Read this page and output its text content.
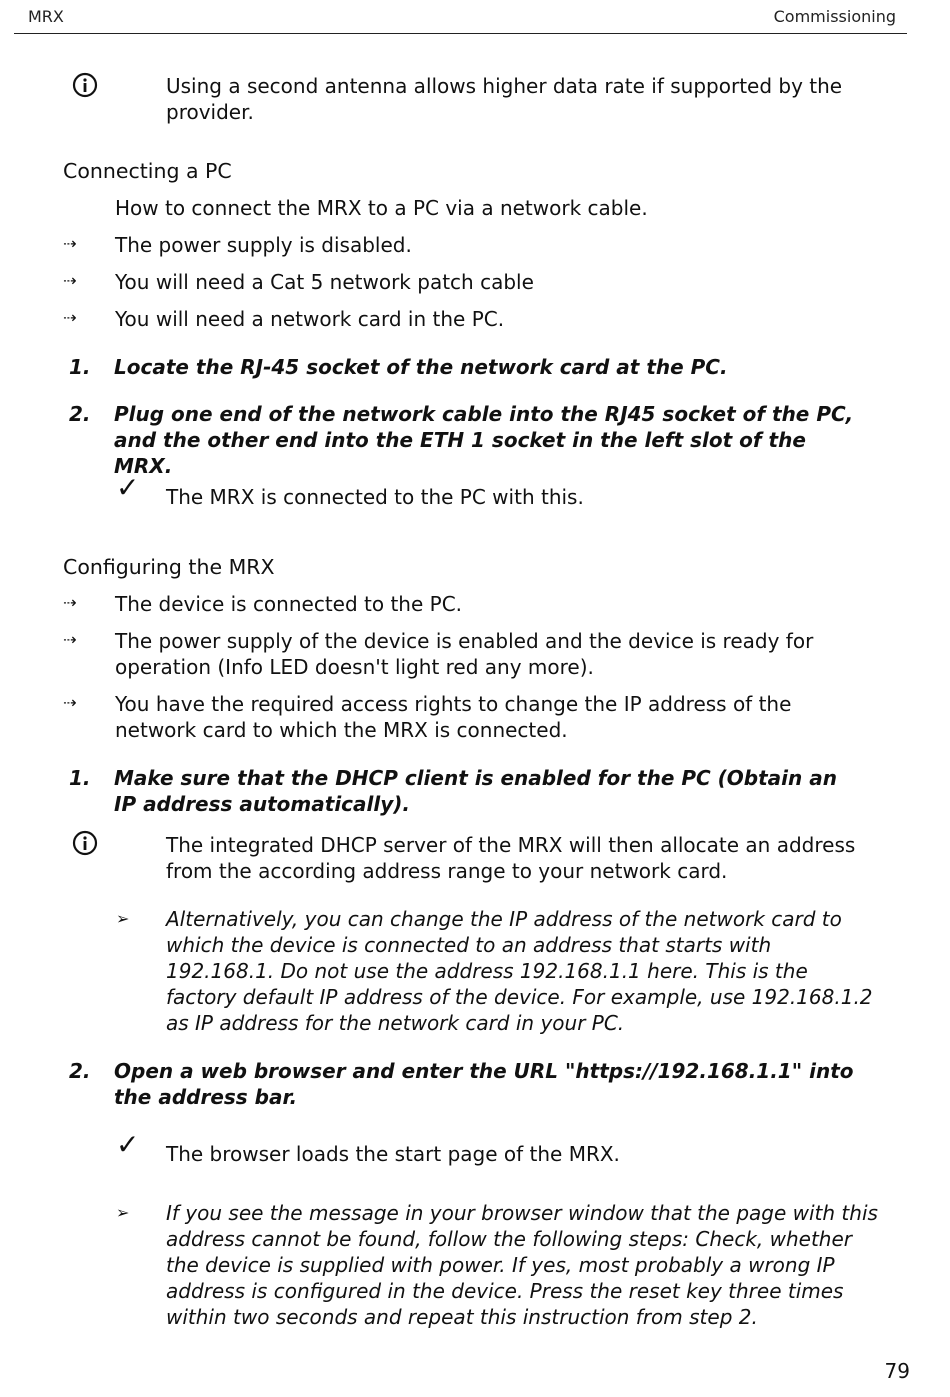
MRX	Commissioning
Using a second antenna allows higher data rate if supported by the provider.
Connecting a PC
How to connect the MRX to a PC via a network cable.
⇢ The power supply is disabled.
⇢ You will need a Cat 5 network patch cable
⇢ You will need a network card in the PC.
1. Locate the RJ-45 socket of the network card at the PC.
2. Plug one end of the network cable into the RJ45 socket of the PC, and the other end into the ETH 1 socket in the left slot of the MRX.
✓ The MRX is connected to the PC with this.
Configuring the MRX
⇢ The device is connected to the PC.
⇢ The power supply of the device is enabled and the device is ready for operation (Info LED doesn't light red any more).
⇢ You have the required access rights to change the IP address of the network card to which the MRX is connected.
1. Make sure that the DHCP client is enabled for the PC (Obtain an IP address automatically).
The integrated DHCP server of the MRX will then allocate an address from the according address range to your network card.
➢ Alternatively, you can change the IP address of the network card to which the device is connected to an address that starts with 192.168.1. Do not use the address 192.168.1.1 here. This is the factory default IP address of the device. For example, use 192.168.1.2 as IP address for the network card in your PC.
2. Open a web browser and enter the URL "https://192.168.1.1" into the address bar.
✓ The browser loads the start page of the MRX.
➢ If you see the message in your browser window that the page with this address cannot be found, follow the following steps: Check, whether the device is supplied with power. If yes, most probably a wrong IP address is configured in the device. Press the reset key three times within two seconds and repeat this instruction from step 2.
79
